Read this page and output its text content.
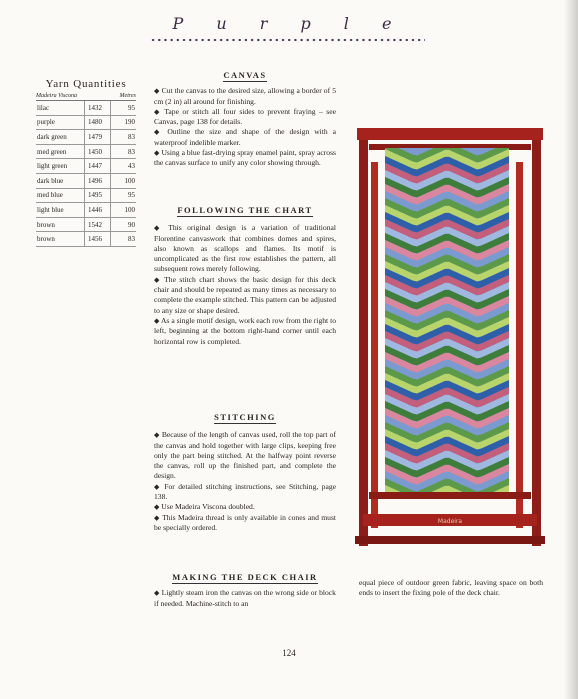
P u r p l e
Yarn Quantities
Madeira Viscona	Metres
lilac	1432	95
purple	1480	190
dark green	1479	83
med green	1450	83
light green	1447	43
dark blue	1496	100
med blue	1495	95
light blue	1446	100
brown	1542	90
brown	1456	83
CANVAS

◆ Cut the canvas to the desired size, allowing a border of 5 cm (2 in) all around for finishing.

◆ Tape or stitch all four sides to prevent fraying – see Canvas, page 138 for details.

◆ Outline the size and shape of the design with a waterproof indelible marker.

◆ Using a blue fast-drying spray enamel paint, spray across the canvas surface to unify any color showing through.

FOLLOWING THE CHART

◆ This original design is a variation of traditional Florentine canvaswork that combines domes and spires, also known as scallops and flames. Its motif is uncomplicated as the first row establishes the pattern, all subsequent rows merely following.

◆ The stitch chart shows the basic design for this deck chair and should be repeated as many times as necessary to complete the example stitched. This pattern can be adjusted to any size or shape desired.

◆ As a single motif design, work each row from the right to left, beginning at the bottom right-hand corner until each horizontal row is completed.

STITCHING

◆ Because of the length of canvas used, roll the top part of the canvas and hold together with large clips, keeping free only the part being stitched. At the halfway point reverse the canvas, roll up the finished part, and complete the design.

◆ For detailed stitching instructions, see Stitching, page 138.

◆ Use Madeira Viscona doubled.

◆ This Madeira thread is only available in cones and must be specially ordered.

MAKING THE DECK CHAIR

◆ Lightly steam iron the canvas on the wrong side or block if needed. Machine-stitch to an

equal piece of outdoor green fabric, leaving space on both ends to insert the fixing pole of the deck chair.
Madeira
124
